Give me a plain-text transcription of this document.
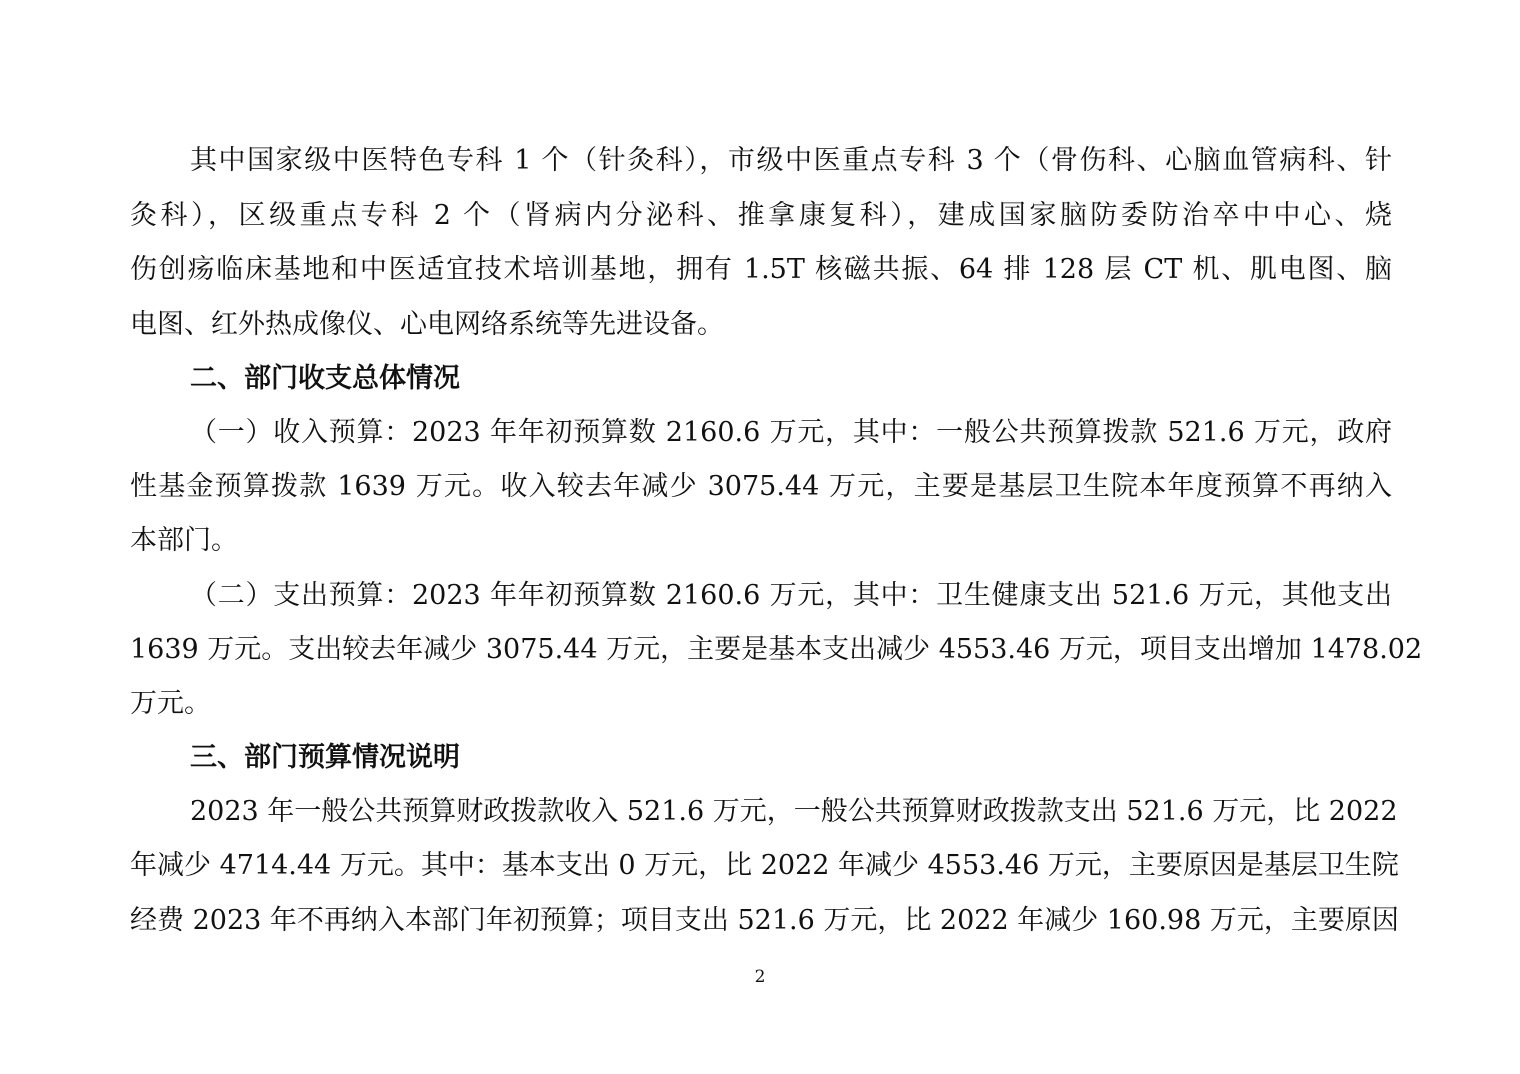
其中国家级中医特色专科 1 个（针灸科），市级中医重点专科 3 个（骨伤科、心脑血管病科、针
灸科），区级重点专科 2 个（肾病内分泌科、推拿康复科），建成国家脑防委防治卒中中心、烧
伤创疡临床基地和中医适宜技术培训基地，拥有 1.5T 核磁共振、64 排 128 层 CT 机、肌电图、脑
电图、红外热成像仪、心电网络系统等先进设备。
二、部门收支总体情况
（一）收入预算：2023 年年初预算数 2160.6 万元，其中：一般公共预算拨款 521.6 万元，政府
性基金预算拨款 1639 万元。收入较去年减少 3075.44 万元，主要是基层卫生院本年度预算不再纳入
本部门。
（二）支出预算：2023 年年初预算数 2160.6 万元，其中：卫生健康支出 521.6 万元，其他支出
1639 万元。支出较去年减少 3075.44 万元，主要是基本支出减少 4553.46 万元，项目支出增加 1478.02
万元。
三、部门预算情况说明
2023 年一般公共预算财政拨款收入 521.6 万元，一般公共预算财政拨款支出 521.6 万元，比 2022
年减少 4714.44 万元。其中：基本支出 0 万元，比 2022 年减少 4553.46 万元，主要原因是基层卫生院
经费 2023 年不再纳入本部门年初预算；项目支出 521.6 万元，比 2022 年减少 160.98 万元，主要原因
2
